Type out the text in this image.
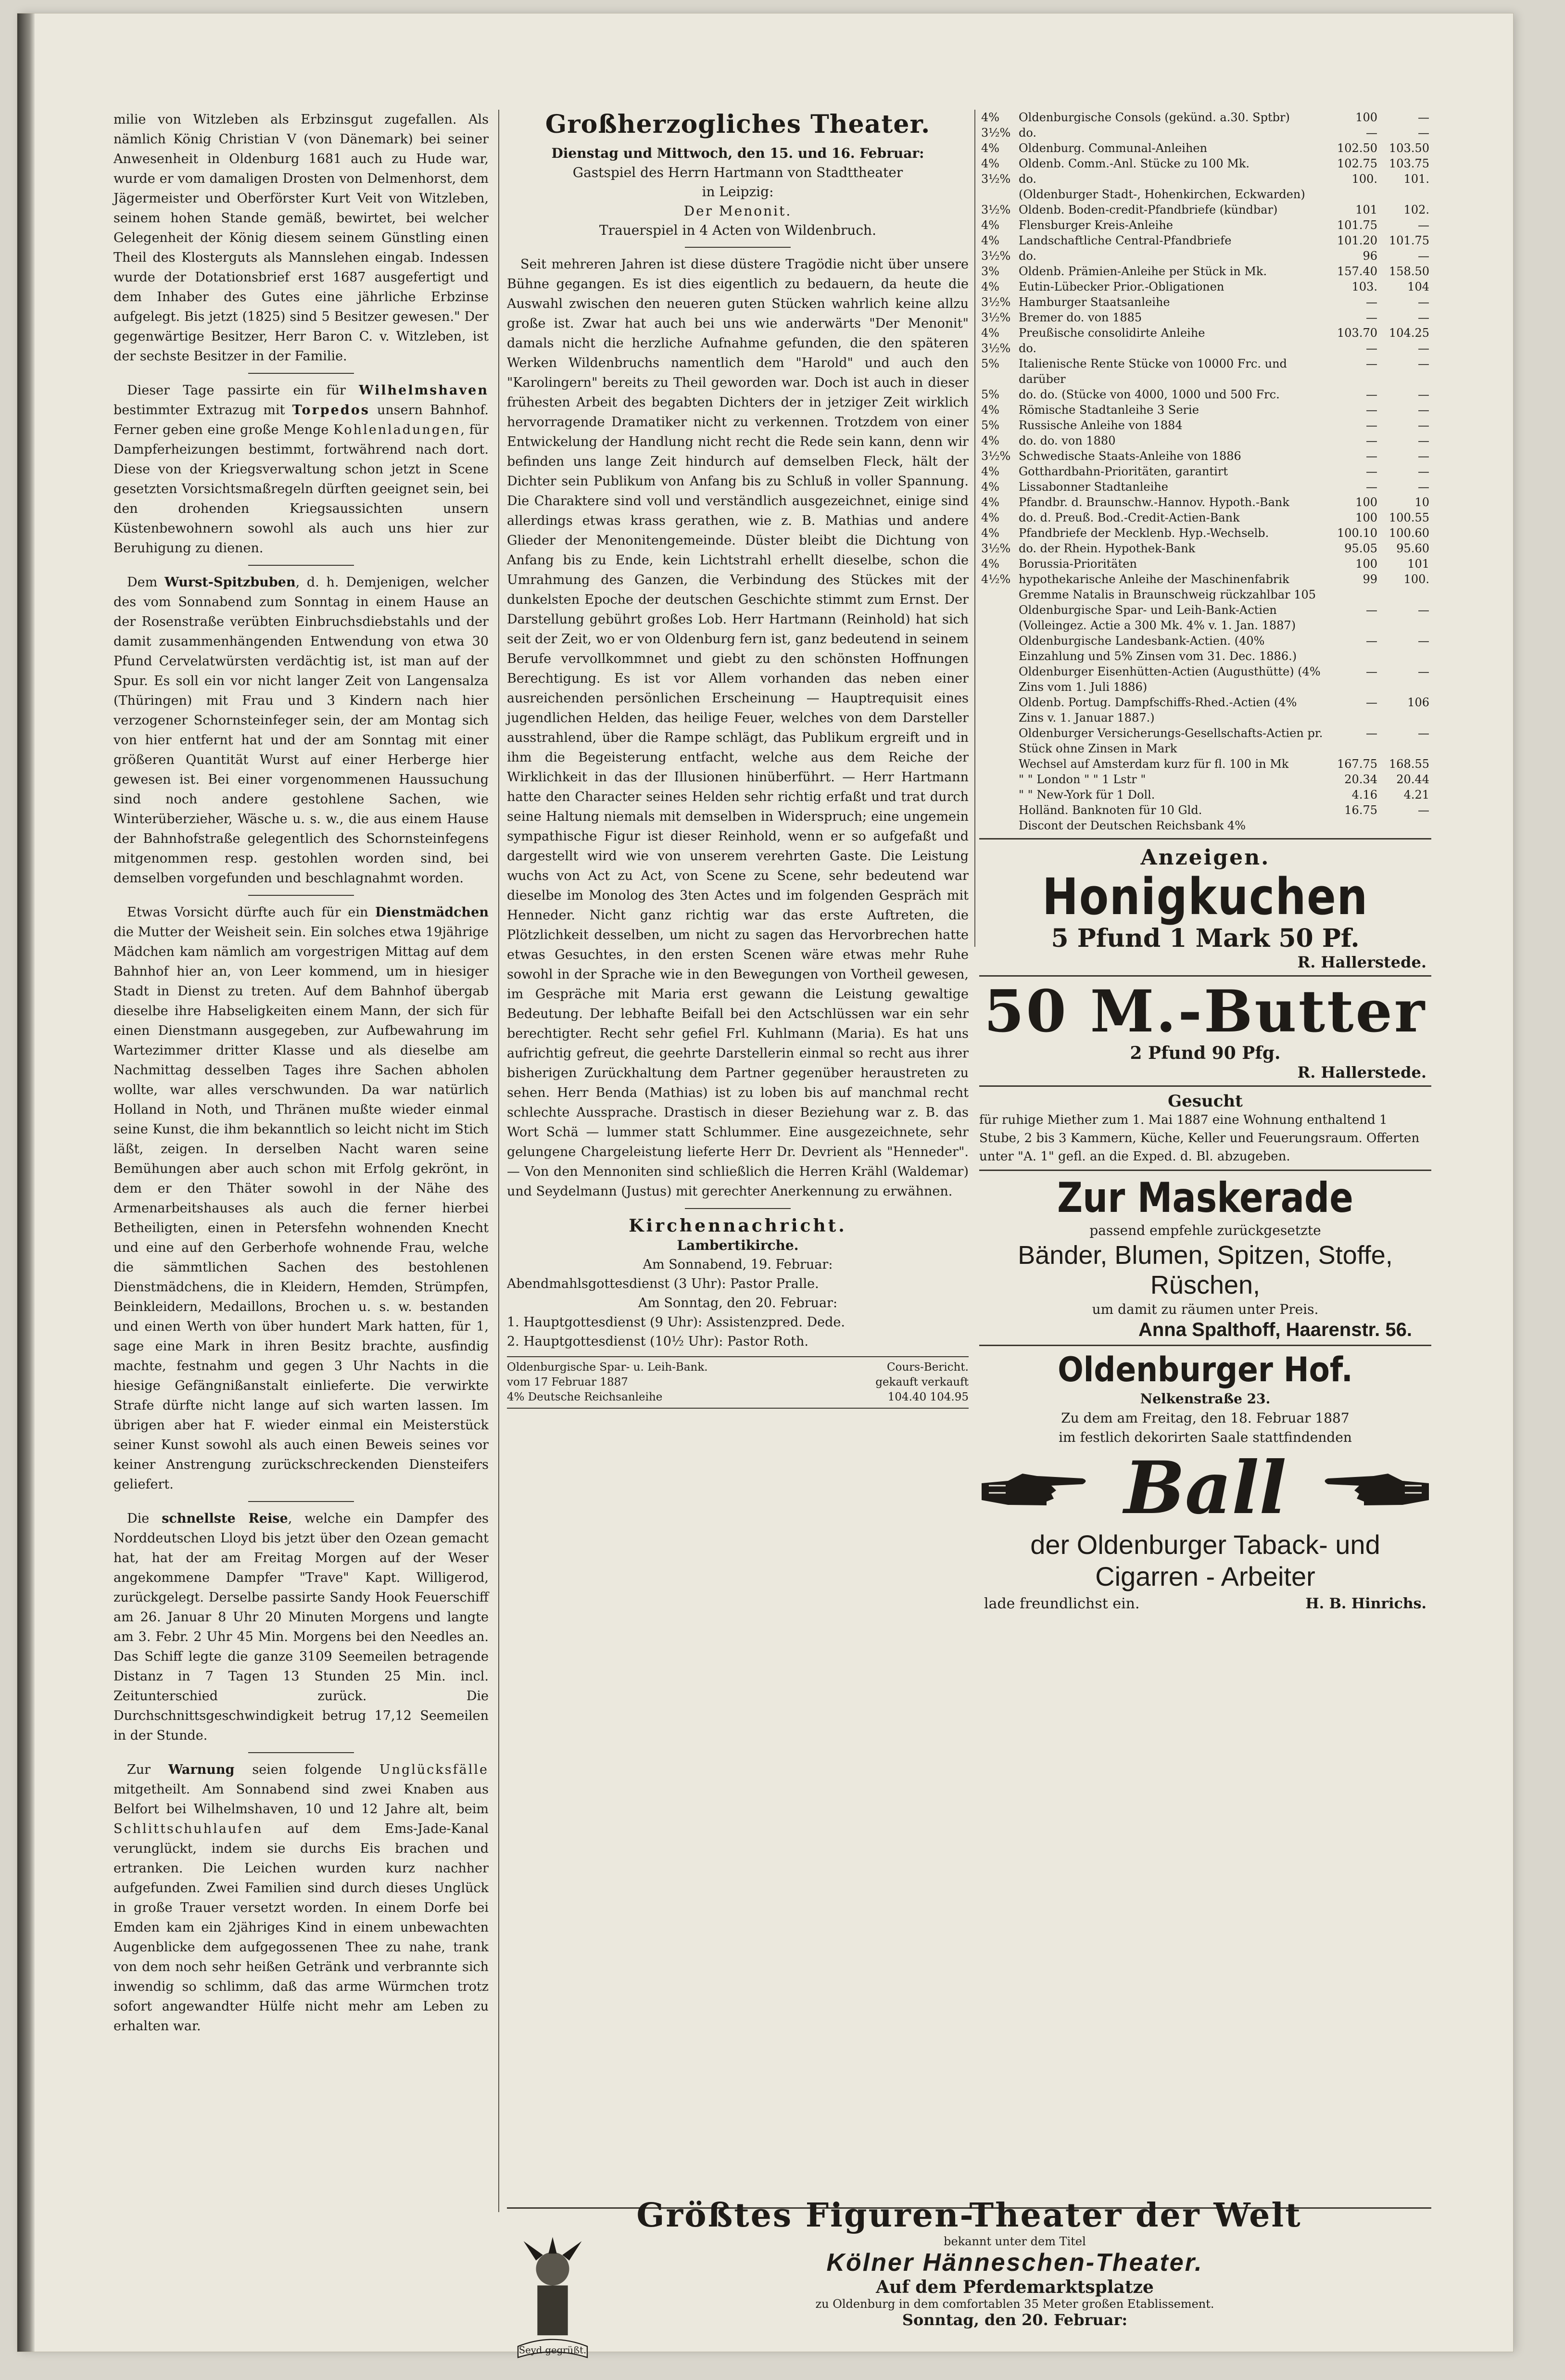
milie von Witzleben als Erbzinsgut zugefallen. Als nämlich König Christian V (von Dänemark) bei seiner Anwesenheit in Oldenburg 1681 auch zu Hude war, wurde er vom damaligen Drosten von Delmenhorst, dem Jägermeister und Oberförster Kurt Veit von Witzleben, seinem hohen Stande gemäß, bewirtet, bei welcher Gelegenheit der König diesem seinem Günstling einen Theil des Klosterguts als Mannslehen eingab. Indessen wurde der Dotationsbrief erst 1687 ausgefertigt und dem Inhaber des Gutes eine jährliche Erbzinse aufgelegt. Bis jetzt (1825) sind 5 Besitzer gewesen." Der gegenwärtige Besitzer, Herr Baron C. v. Witzleben, ist der sechste Besitzer in der Familie.

Dieser Tage passirte ein für Wilhelmshaven bestimmter Extrazug mit Torpedos unsern Bahnhof. Ferner geben eine große Menge Kohlenladungen, für Dampferheizungen bestimmt, fortwährend nach dort. Diese von der Kriegsverwaltung schon jetzt in Scene gesetzten Vorsichtsmaßregeln dürften geeignet sein, bei den drohenden Kriegsaussichten unsern Küstenbewohnern sowohl als auch uns hier zur Beruhigung zu dienen.

Dem Wurst-Spitzbuben, d. h. Demjenigen, welcher des vom Sonnabend zum Sonntag in einem Hause an der Rosenstraße verübten Einbruchsdiebstahls und der damit zusammenhängenden Entwendung von etwa 30 Pfund Cervelatwürsten verdächtig ist, ist man auf der Spur. Es soll ein vor nicht langer Zeit von Langensalza (Thüringen) mit Frau und 3 Kindern nach hier verzogener Schornsteinfeger sein, der am Montag sich von hier entfernt hat und der am Sonntag mit einer größeren Quantität Wurst auf einer Herberge hier gewesen ist. Bei einer vorgenommenen Haussuchung sind noch andere gestohlene Sachen, wie Winterüberzieher, Wäsche u. s. w., die aus einem Hause der Bahnhofstraße gelegentlich des Schornsteinfegens mitgenommen resp. gestohlen worden sind, bei demselben vorgefunden und beschlagnahmt worden.

Etwas Vorsicht dürfte auch für ein Dienstmädchen die Mutter der Weisheit sein. Ein solches etwa 19jährige Mädchen kam nämlich am vorgestrigen Mittag auf dem Bahnhof hier an, von Leer kommend, um in hiesiger Stadt in Dienst zu treten. Auf dem Bahnhof übergab dieselbe ihre Habseligkeiten einem Mann, der sich für einen Dienstmann ausgegeben, zur Aufbewahrung im Wartezimmer dritter Klasse und als dieselbe am Nachmittag desselben Tages ihre Sachen abholen wollte, war alles verschwunden. Da war natürlich Holland in Noth, und Thränen mußte wieder einmal seine Kunst, die ihm bekanntlich so leicht nicht im Stich läßt, zeigen. In derselben Nacht waren seine Bemühungen aber auch schon mit Erfolg gekrönt, in dem er den Thäter sowohl in der Nähe des Armenarbeitshauses als auch die ferner hierbei Betheiligten, einen in Petersfehn wohnenden Knecht und eine auf den Gerberhofe wohnende Frau, welche die sämmtlichen Sachen des bestohlenen Dienstmädchens, die in Kleidern, Hemden, Strümpfen, Beinkleidern, Medaillons, Brochen u. s. w. bestanden und einen Werth von über hundert Mark hatten, für 1, sage eine Mark in ihren Besitz brachte, ausfindig machte, festnahm und gegen 3 Uhr Nachts in die hiesige Gefängnißanstalt einlieferte. Die verwirkte Strafe dürfte nicht lange auf sich warten lassen. Im übrigen aber hat F. wieder einmal ein Meisterstück seiner Kunst sowohl als auch einen Beweis seines vor keiner Anstrengung zurückschreckenden Diensteifers geliefert.

Die schnellste Reise, welche ein Dampfer des Norddeutschen Lloyd bis jetzt über den Ozean gemacht hat, hat der am Freitag Morgen auf der Weser angekommene Dampfer "Trave" Kapt. Willigerod, zurückgelegt. Derselbe passirte Sandy Hook Feuerschiff am 26. Januar 8 Uhr 20 Minuten Morgens und langte am 3. Febr. 2 Uhr 45 Min. Morgens bei den Needles an. Das Schiff legte die ganze 3109 Seemeilen betragende Distanz in 7 Tagen 13 Stunden 25 Min. incl. Zeitunterschied zurück. Die Durchschnittsgeschwindigkeit betrug 17,12 Seemeilen in der Stunde.

Zur Warnung seien folgende Unglücksfälle mitgetheilt. Am Sonnabend sind zwei Knaben aus Belfort bei Wilhelmshaven, 10 und 12 Jahre alt, beim Schlittschuhlaufen auf dem Ems-Jade-Kanal verunglückt, indem sie durchs Eis brachen und ertranken. Die Leichen wurden kurz nachher aufgefunden. Zwei Familien sind durch dieses Unglück in große Trauer versetzt worden. In einem Dorfe bei Emden kam ein 2jähriges Kind in einem unbewachten Augenblicke dem aufgegossenen Thee zu nahe, trank von dem noch sehr heißen Getränk und verbrannte sich inwendig so schlimm, daß das arme Würmchen trotz sofort angewandter Hülfe nicht mehr am Leben zu erhalten war.

Großherzogliches Theater.
Dienstag und Mittwoch, den 15. und 16. Februar:
Gastspiel des Herrn Hartmann von Stadttheater
in Leipzig:
Der Menonit.
Trauerspiel in 4 Acten von Wildenbruch.

Seit mehreren Jahren ist diese düstere Tragödie nicht über unsere Bühne gegangen. Es ist dies eigentlich zu bedauern, da heute die Auswahl zwischen den neueren guten Stücken wahrlich keine allzu große ist. Zwar hat auch bei uns wie anderwärts "Der Menonit" damals nicht die herzliche Aufnahme gefunden, die den späteren Werken Wildenbruchs namentlich dem "Harold" und auch den "Karolingern" bereits zu Theil geworden war. Doch ist auch in dieser frühesten Arbeit des begabten Dichters der in jetziger Zeit wirklich hervorragende Dramatiker nicht zu verkennen. Trotzdem von einer Entwickelung der Handlung nicht recht die Rede sein kann, denn wir befinden uns lange Zeit hindurch auf demselben Fleck, hält der Dichter sein Publikum von Anfang bis zu Schluß in voller Spannung. Die Charaktere sind voll und verständlich ausgezeichnet, einige sind allerdings etwas krass gerathen, wie z. B. Mathias und andere Glieder der Menonitengemeinde. Düster bleibt die Dichtung von Anfang bis zu Ende, kein Lichtstrahl erhellt dieselbe, schon die Umrahmung des Ganzen, die Verbindung des Stückes mit der dunkelsten Epoche der deutschen Geschichte stimmt zum Ernst. Der Darstellung gebührt großes Lob. Herr Hartmann (Reinhold) hat sich seit der Zeit, wo er von Oldenburg fern ist, ganz bedeutend in seinem Berufe vervollkommnet und giebt zu den schönsten Hoffnungen Berechtigung. Es ist vor Allem vorhanden das neben einer ausreichenden persönlichen Erscheinung — Hauptrequisit eines jugendlichen Helden, das heilige Feuer, welches von dem Darsteller ausstrahlend, über die Rampe schlägt, das Publikum ergreift und in ihm die Begeisterung entfacht, welche aus dem Reiche der Wirklichkeit in das der Illusionen hinüberführt. — Herr Hartmann hatte den Character seines Helden sehr richtig erfaßt und trat durch seine Haltung niemals mit demselben in Widerspruch; eine ungemein sympathische Figur ist dieser Reinhold, wenn er so aufgefaßt und dargestellt wird wie von unserem verehrten Gaste. Die Leistung wuchs von Act zu Act, von Scene zu Scene, sehr bedeutend war dieselbe im Monolog des 3ten Actes und im folgenden Gespräch mit Henneder. Nicht ganz richtig war das erste Auftreten, die Plötzlichkeit desselben, um nicht zu sagen das Hervorbrechen hatte etwas Gesuchtes, in den ersten Scenen wäre etwas mehr Ruhe sowohl in der Sprache wie in den Bewegungen von Vortheil gewesen, im Gespräche mit Maria erst gewann die Leistung gewaltige Bedeutung. Der lebhafte Beifall bei den Actschlüssen war ein sehr berechtigter. Recht sehr gefiel Frl. Kuhlmann (Maria). Es hat uns aufrichtig gefreut, die geehrte Darstellerin einmal so recht aus ihrer bisherigen Zurückhaltung dem Partner gegenüber heraustreten zu sehen. Herr Benda (Mathias) ist zu loben bis auf manchmal recht schlechte Aussprache. Drastisch in dieser Beziehung war z. B. das Wort Schä — lummer statt Schlummer. Eine ausgezeichnete, sehr gelungene Chargeleistung lieferte Herr Dr. Devrient als "Henneder". — Von den Mennoniten sind schließlich die Herren Krähl (Waldemar) und Seydelmann (Justus) mit gerechter Anerkennung zu erwähnen.

Kirchennachricht.
Lambertikirche.
Am Sonnabend, 19. Februar:
Abendmahlsgottesdienst (3 Uhr): Pastor Pralle.
Am Sonntag, den 20. Februar:
1. Hauptgottesdienst (9 Uhr): Assistenzpred. Dede.
2. Hauptgottesdienst (10½ Uhr): Pastor Roth.
Oldenburgische Spar- u. Leih-Bank.	Cours-Bericht.
vom 17 Februar 1887	gekauft verkauft
4% Deutsche Reichsanleihe	104.40 104.95
4%	Oldenburgische Consols (gekünd. a.30. Sptbr)	100	—
3½%	do.	—	—
4%	Oldenburg. Communal-Anleihen	102.50	103.50
4%	Oldenb. Comm.-Anl. Stücke zu 100 Mk.	102.75	103.75
3½%	do.	100.	101.
	(Oldenburger Stadt-, Hohenkirchen, Eckwarden)		
3½%	Oldenb. Boden-credit-Pfandbriefe (kündbar)	101	102.
4%	Flensburger Kreis-Anleihe	101.75	—
4%	Landschaftliche Central-Pfandbriefe	101.20	101.75
3½%	do.	96	—
3%	Oldenb. Prämien-Anleihe per Stück in Mk.	157.40	158.50
4%	Eutin-Lübecker Prior.-Obligationen	103.	104
3½%	Hamburger Staatsanleihe	—	—
3½%	Bremer do. von 1885	—	—
4%	Preußische consolidirte Anleihe	103.70	104.25
3½%	do.	—	—
5%	Italienische Rente Stücke von 10000 Frc. und darüber	—	—
5%	do. do. (Stücke von 4000, 1000 und 500 Frc.	—	—
4%	Römische Stadtanleihe 3 Serie	—	—
5%	Russische Anleihe von 1884	—	—
4%	do. do. von 1880	—	—
3½%	Schwedische Staats-Anleihe von 1886	—	—
4%	Gotthardbahn-Prioritäten, garantirt	—	—
4%	Lissabonner Stadtanleihe	—	—
4%	Pfandbr. d. Braunschw.-Hannov. Hypoth.-Bank	100	10
4%	do. d. Preuß. Bod.-Credit-Actien-Bank	100	100.55
4%	Pfandbriefe der Mecklenb. Hyp.-Wechselb.	100.10	100.60
3½%	do. der Rhein. Hypothek-Bank	95.05	95.60
4%	Borussia-Prioritäten	100	101
4½%	hypothekarische Anleihe der Maschinenfabrik Gremme Natalis in Braunschweig rückzahlbar 105	99	100.
	Oldenburgische Spar- und Leih-Bank-Actien (Volleingez. Actie a 300 Mk. 4% v. 1. Jan. 1887)	—	—
	Oldenburgische Landesbank-Actien. (40% Einzahlung und 5% Zinsen vom 31. Dec. 1886.)	—	—
	Oldenburger Eisenhütten-Actien (Augusthütte) (4% Zins vom 1. Juli 1886)	—	—
	Oldenb. Portug. Dampfschiffs-Rhed.-Actien (4% Zins v. 1. Januar 1887.)	—	106
	Oldenburger Versicherungs-Gesellschafts-Actien pr. Stück ohne Zinsen in Mark	—	—
	Wechsel auf Amsterdam kurz für fl. 100 in Mk	167.75	168.55
	" " London " " 1 Lstr "	20.34	20.44
	" " New-York für 1 Doll.	4.16	4.21
	Holländ. Banknoten für 10 Gld.	16.75	—
	Discont der Deutschen Reichsbank 4%		
Anzeigen.
Honigkuchen
5 Pfund 1 Mark 50 Pf.
R. Hallerstede.
50 M.-Butter
2 Pfund 90 Pfg.
R. Hallerstede.
Gesucht
für ruhige Miether zum 1. Mai 1887 eine Wohnung enthaltend 1 Stube, 2 bis 3 Kammern, Küche, Keller und Feuerungsraum. Offerten unter "A. 1" gefl. an die Exped. d. Bl. abzugeben.
Zur Maskerade
passend empfehle zurückgesetzte
Bänder, Blumen, Spitzen, Stoffe,
Rüschen,
um damit zu räumen unter Preis.
Anna Spalthoff, Haarenstr. 56.
Oldenburger Hof.
Nelkenstraße 23.
Zu dem am Freitag, den 18. Februar 1887
im festlich dekorirten Saale stattfindenden
Ball
der Oldenburger Taback- und
Cigarren - Arbeiter
lade freundlichst ein.	H. B. Hinrichs.
Größtes Figuren-Theater der Welt
Seyd gegrüßt.
bekannt unter dem Titel
Kölner Hänneschen-Theater.
Auf dem Pferdemarktsplatze
zu Oldenburg in dem comfortablen 35 Meter großen Etablissement.
Sonntag, den 20. Februar:
